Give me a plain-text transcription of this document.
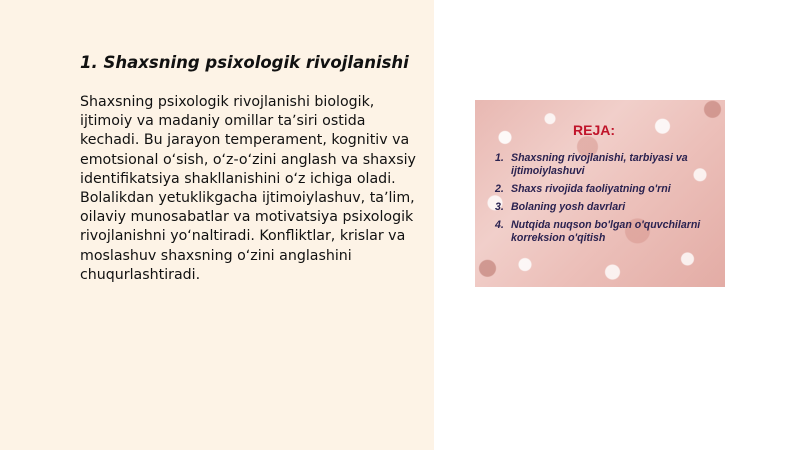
1. Shaxsning psixologik rivojlanishi

Shaxsning psixologik rivojlanishi biologik, ijtimoiy va madaniy omillar taʼsiri ostida kechadi. Bu jarayon temperament, kognitiv va emotsional oʻsish, oʻz-oʻzini anglash va shaxsiy identifikatsiya shakllanishini oʻz ichiga oladi. Bolalikdan yetuklikgacha ijtimoiylashuv, taʼlim, oilaviy munosabatlar va motivatsiya psixologik rivojlanishni yoʻnaltiradi. Konfliktlar, krislar va moslashuv shaxsning oʻzini anglashini chuqurlashtiradi.

REJA:
1. Shaxsning rivojlanishi, tarbiyasi va ijtimoiylashuvi
2. Shaxs rivojida faoliyatning o'rni
3. Bolaning yosh davrlari
4. Nutqida nuqson bo'lgan o'quvchilarni korreksion o'qitish
